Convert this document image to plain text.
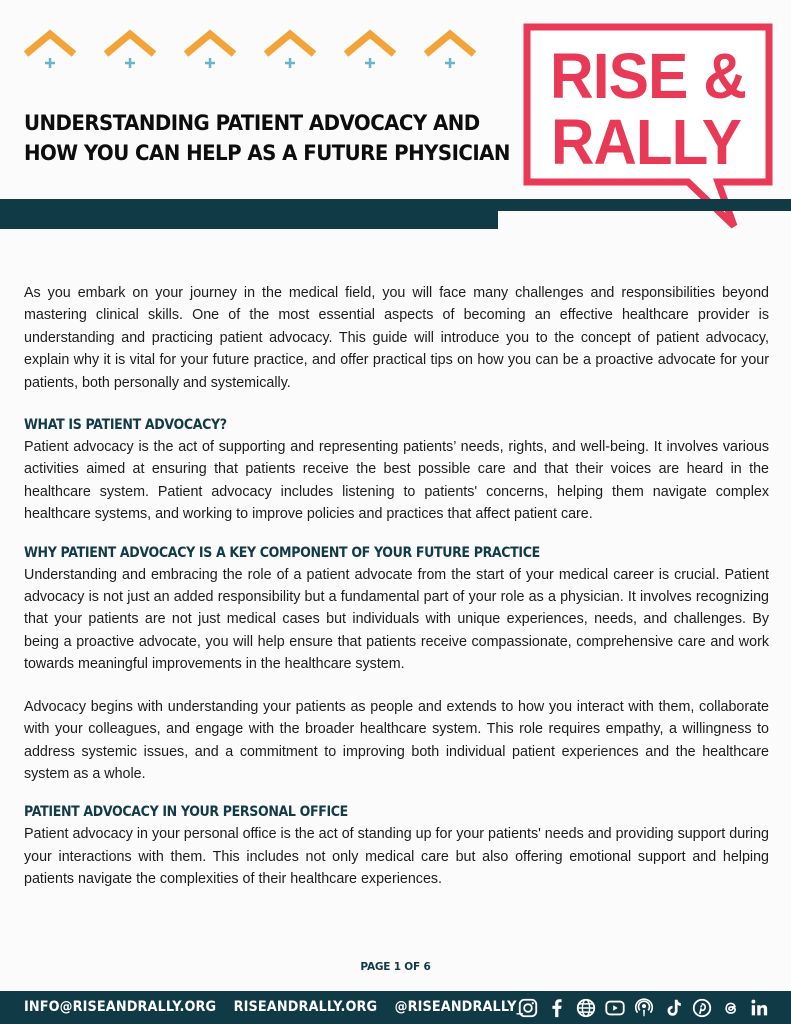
UNDERSTANDING PATIENT ADVOCACY AND
HOW YOU CAN HELP AS A FUTURE PHYSICIAN
RISE &
RALLY

As you embark on your journey in the medical field, you will face many challenges and responsibilities beyond mastering clinical skills. One of the most essential aspects of becoming an effective healthcare provider is understanding and practicing patient advocacy. This guide will introduce you to the concept of patient advocacy, explain why it is vital for your future practice, and offer practical tips on how you can be a proactive advocate for your patients, both personally and systemically.

WHAT IS PATIENT ADVOCACY?

Patient advocacy is the act of supporting and representing patients’ needs, rights, and well-being. It involves various activities aimed at ensuring that patients receive the best possible care and that their voices are heard in the healthcare system. Patient advocacy includes listening to patients' concerns, helping them navigate complex healthcare systems, and working to improve policies and practices that affect patient care.

WHY PATIENT ADVOCACY IS A KEY COMPONENT OF YOUR FUTURE PRACTICE

Understanding and embracing the role of a patient advocate from the start of your medical career is crucial. Patient advocacy is not just an added responsibility but a fundamental part of your role as a physician. It involves recognizing that your patients are not just medical cases but individuals with unique experiences, needs, and challenges. By being a proactive advocate, you will help ensure that patients receive compassionate, comprehensive care and work towards meaningful improvements in the healthcare system.

Advocacy begins with understanding your patients as people and extends to how you interact with them, collaborate with your colleagues, and engage with the broader healthcare system. This role requires empathy, a willingness to address systemic issues, and a commitment to improving both individual patient experiences and the healthcare system as a whole.

PATIENT ADVOCACY IN YOUR PERSONAL OFFICE

Patient advocacy in your personal office is the act of standing up for your patients' needs and providing support during your interactions with them. This includes not only medical care but also offering emotional support and helping patients navigate the complexities of their healthcare experiences.

PAGE 1 OF 6
INFO@RISEANDRALLY.ORG RISEANDRALLY.ORG @RISEANDRALLY_
